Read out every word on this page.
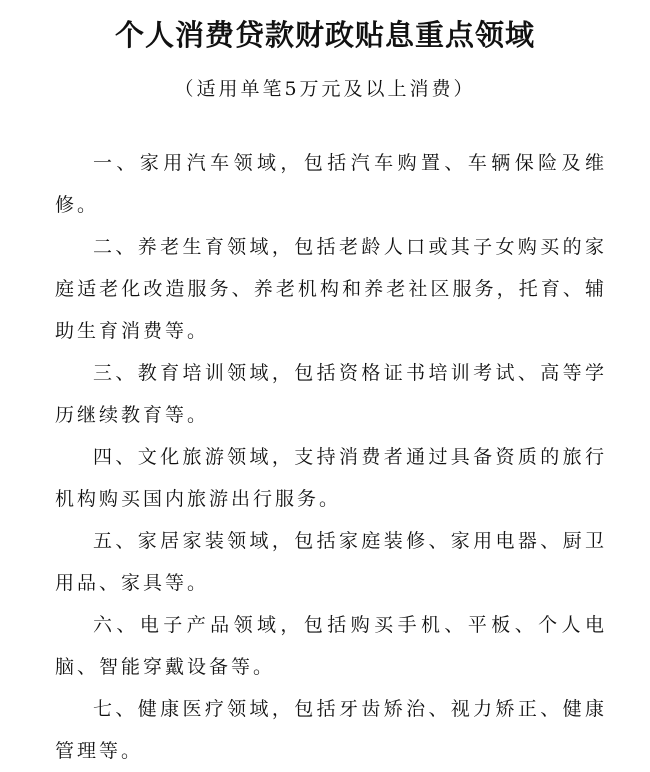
个人消费贷款财政贴息重点领域
（适用单笔5万元及以上消费）
一、家用汽车领域，包括汽车购置、车辆保险及维修。
二、养老生育领域，包括老龄人口或其子女购买的家庭适老化改造服务、养老机构和养老社区服务，托育、辅助生育消费等。
三、教育培训领域，包括资格证书培训考试、高等学历继续教育等。
四、文化旅游领域，支持消费者通过具备资质的旅行机构购买国内旅游出行服务。
五、家居家装领域，包括家庭装修、家用电器、厨卫用品、家具等。
六、电子产品领域，包括购买手机、平板、个人电脑、智能穿戴设备等。
七、健康医疗领域，包括牙齿矫治、视力矫正、健康管理等。
